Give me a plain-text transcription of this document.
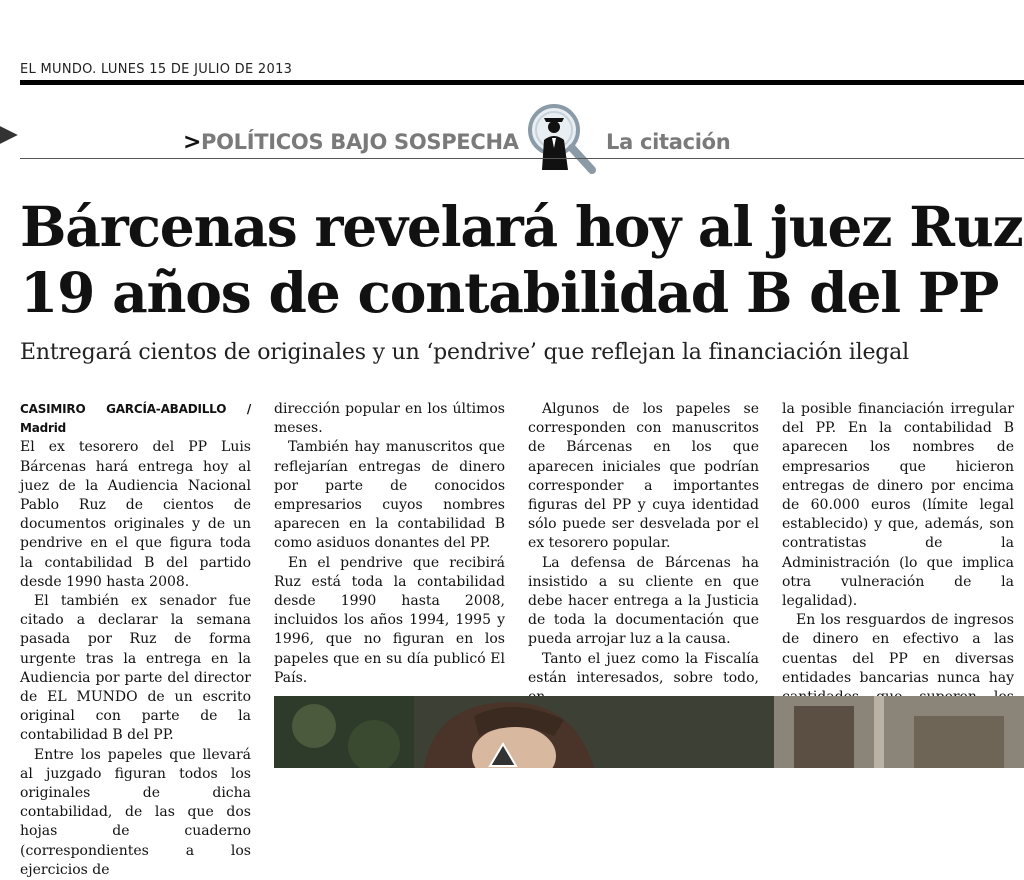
EL MUNDO. LUNES 15 DE JULIO DE 2013
> POLÍTICOS BAJO SOSPECHA	La citación
Bárcenas revelará hoy al juez Ruz
19 años de contabilidad B del PP
Entregará cientos de originales y un ‘pendrive’ que reflejan la financiación ilegal
CASIMIRO GARCÍA-ABADILLO / Madrid

El ex tesorero del PP Luis Bárcenas hará entrega hoy al juez de la Audiencia Nacional Pablo Ruz de cientos de documentos originales y de un pendrive en el que figura toda la contabilidad B del partido desde 1990 hasta 2008.

El también ex senador fue citado a declarar la semana pasada por Ruz de forma urgente tras la entrega en la Audiencia por parte del director de EL MUNDO de un escrito original con parte de la contabilidad B del PP.

Entre los papeles que llevará al juzgado figuran todos los originales de dicha contabilidad, de las que dos hojas de cuaderno (correspondientes a los ejercicios de

dirección popular en los últimos meses.

También hay manuscritos que reflejarían entregas de dinero por parte de conocidos empresarios cuyos nombres aparecen en la contabilidad B como asiduos donantes del PP.

En el pendrive que recibirá Ruz está toda la contabilidad desde 1990 hasta 2008, incluidos los años 1994, 1995 y 1996, que no figuran en los papeles que en su día publicó El País.

Algunos de los papeles se corresponden con manuscritos de Bárcenas en los que aparecen iniciales que podrían corresponder a importantes figuras del PP y cuya identidad sólo puede ser desvelada por el ex tesorero popular.

La defensa de Bárcenas ha insistido a su cliente en que debe hacer entrega a la Justicia de toda la documentación que pueda arrojar luz a la causa.

Tanto el juez como la Fiscalía están interesados, sobre todo,

la posible financiación irregular del PP. En la contabilidad B aparecen los nombres de empresarios que hicieron entregas de dinero por encima de 60.000 euros (límite legal establecido) y que, además, son contratistas de la Administración (lo que implica otra vulneración de la legalidad).

En los resguardos de ingresos de dinero en efectivo a las cuentas del PP en diversas entidades bancarias nunca hay
